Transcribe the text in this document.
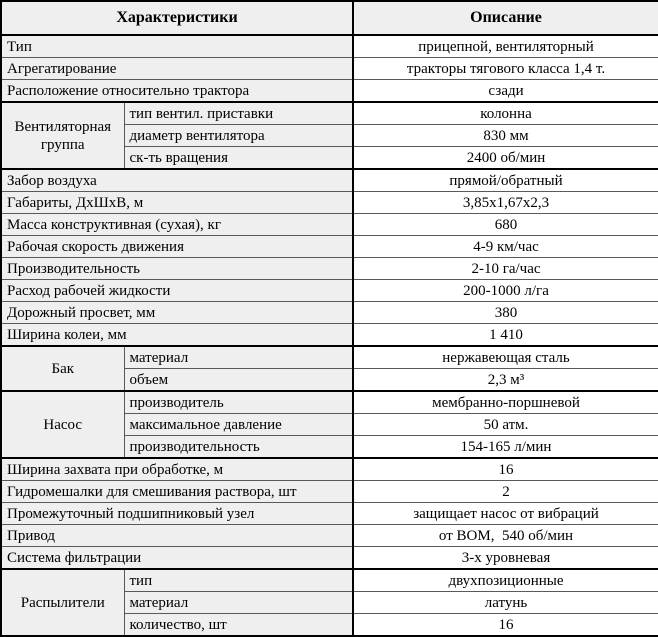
Характеристики		Описание
Тип		прицепной, вентиляторный
Агрегатирование		тракторы тягового класса 1,4 т.
Расположение относительно трактора		сзади
Вентиляторная группа	тип вентил. приставки	колонна
	диаметр вентилятора	830 мм
	ск-ть вращения	2400 об/мин
Забор воздуха		прямой/обратный
Габариты, ДхШхВ, м		3,85х1,67х2,3
Масса конструктивная (сухая), кг		680
Рабочая скорость движения		4-9 км/час
Производительность		2-10 га/час
Расход рабочей жидкости		200-1000 л/га
Дорожный просвет, мм		380
Ширина колеи, мм		1 410
Бак	материал	нержавеющая сталь
	объем	2,3 м³
Насос	производитель	мембранно-поршневой
	максимальное давление	50 атм.
	производительность	154-165 л/мин
Ширина захвата при обработке, м		16
Гидромешалки для смешивания раствора, шт		2
Промежуточный подшипниковый узел		защищает насос от вибраций
Привод		от ВОМ,  540 об/мин
Система фильтрации		3-х уровневая
Распылители	тип	двухпозиционные
	материал	латунь
	количество, шт	16
